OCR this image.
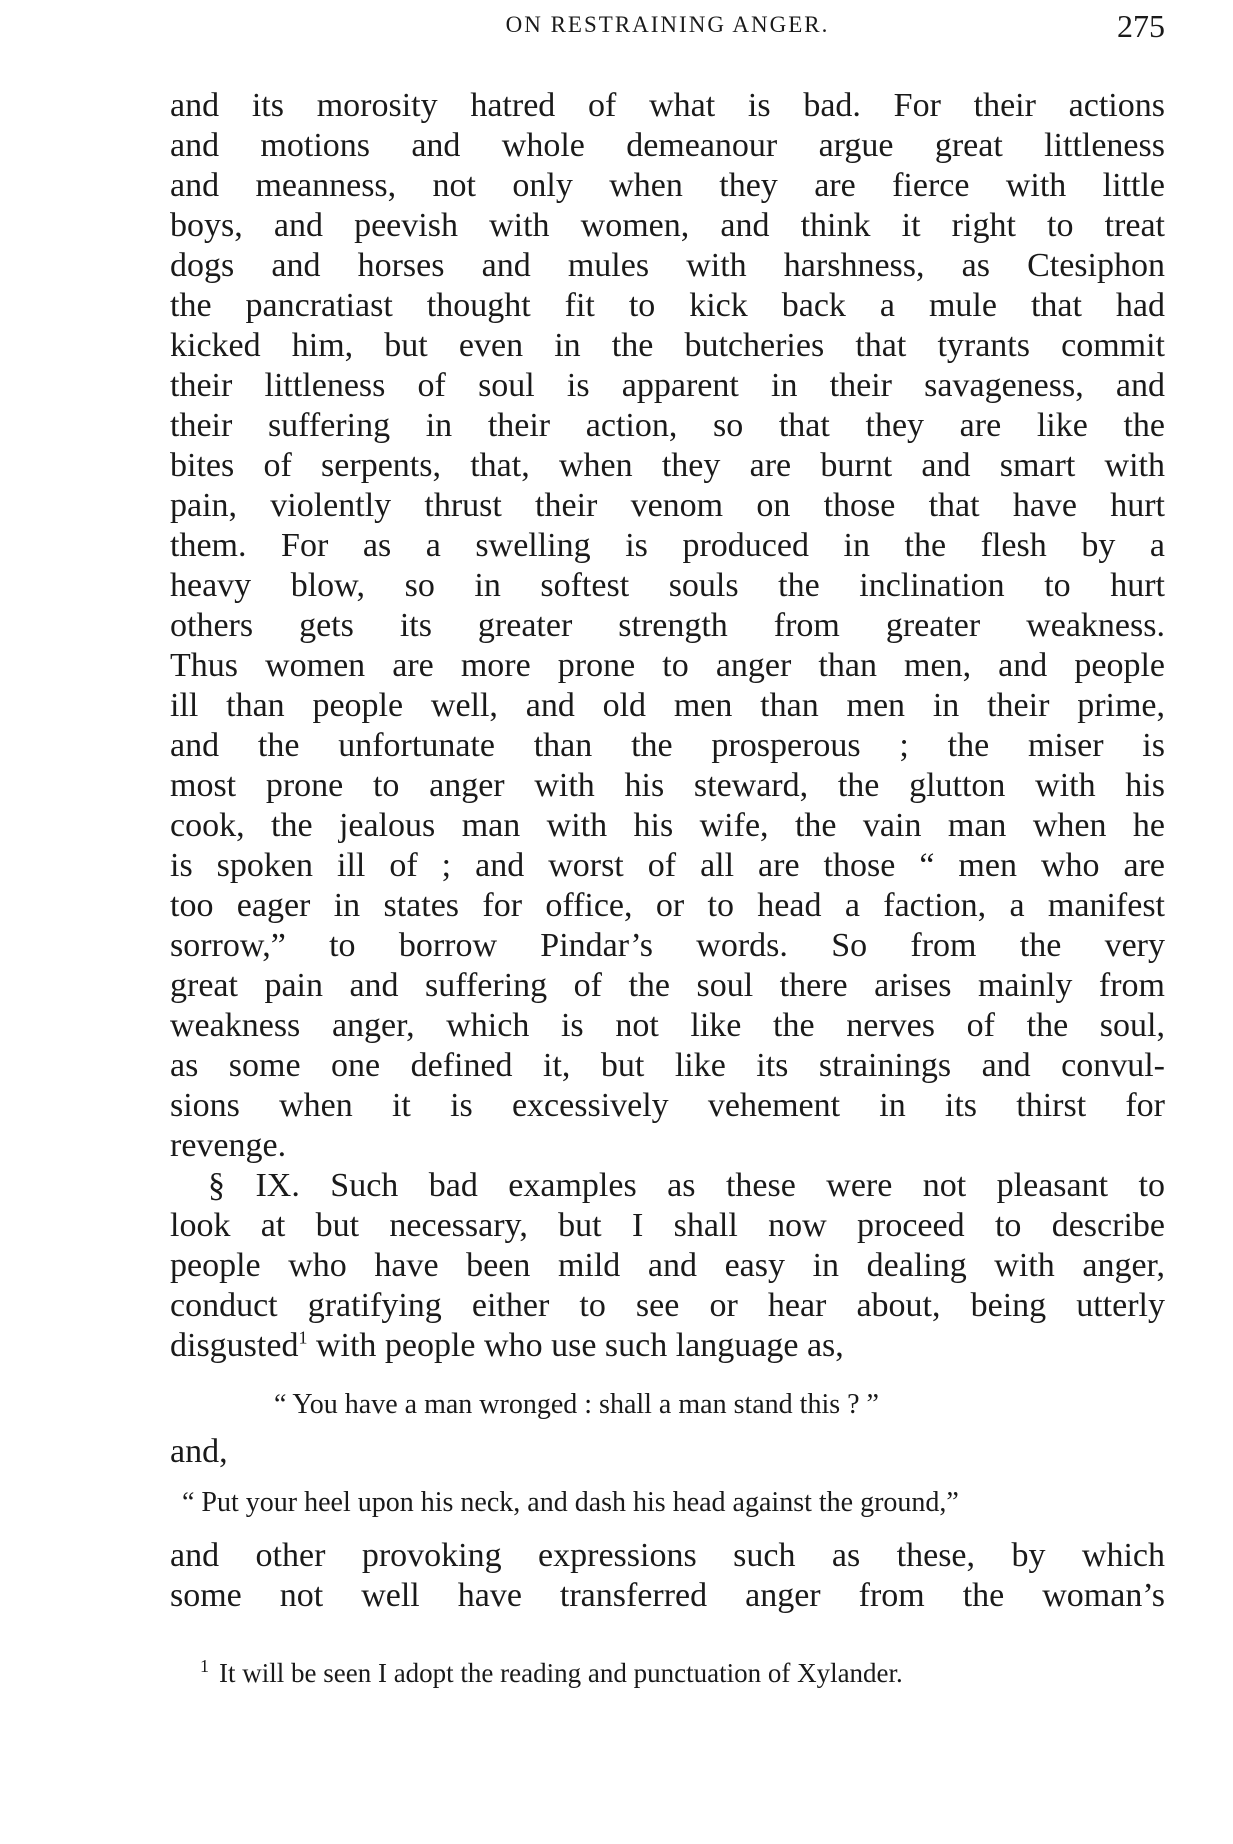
ON RESTRAINING ANGER.	275
and its morosity hatred of what is bad. For their actions
and motions and whole demeanour argue great littleness
and meanness, not only when they are fierce with little
boys, and peevish with women, and think it right to treat
dogs and horses and mules with harshness, as Ctesiphon
the pancratiast thought fit to kick back a mule that had
kicked him, but even in the butcheries that tyrants commit
their littleness of soul is apparent in their savageness, and
their suffering in their action, so that they are like the
bites of serpents, that, when they are burnt and smart with
pain, violently thrust their venom on those that have hurt
them. For as a swelling is produced in the flesh by a
heavy blow, so in softest souls the inclination to hurt
others gets its greater strength from greater weakness.
Thus women are more prone to anger than men, and people
ill than people well, and old men than men in their prime,
and the unfortunate than the prosperous ; the miser is
most prone to anger with his steward, the glutton with his
cook, the jealous man with his wife, the vain man when he
is spoken ill of ; and worst of all are those “ men who are
too eager in states for office, or to head a faction, a manifest
sorrow,” to borrow Pindar’s words. So from the very
great pain and suffering of the soul there arises mainly from
weakness anger, which is not like the nerves of the soul,
as some one defined it, but like its strainings and convul-
sions when it is excessively vehement in its thirst for
revenge.
§ IX. Such bad examples as these were not pleasant to
look at but necessary, but I shall now proceed to describe
people who have been mild and easy in dealing with anger,
conduct gratifying either to see or hear about, being utterly
disgusted$^1$ with people who use such language as,
“ You have a man wronged : shall a man stand this ? ”
and,
“ Put your heel upon his neck, and dash his head against the ground,”
and other provoking expressions such as these, by which
some not well have transferred anger from the woman’s
$^1$ It will be seen I adopt the reading and punctuation of Xylander.
